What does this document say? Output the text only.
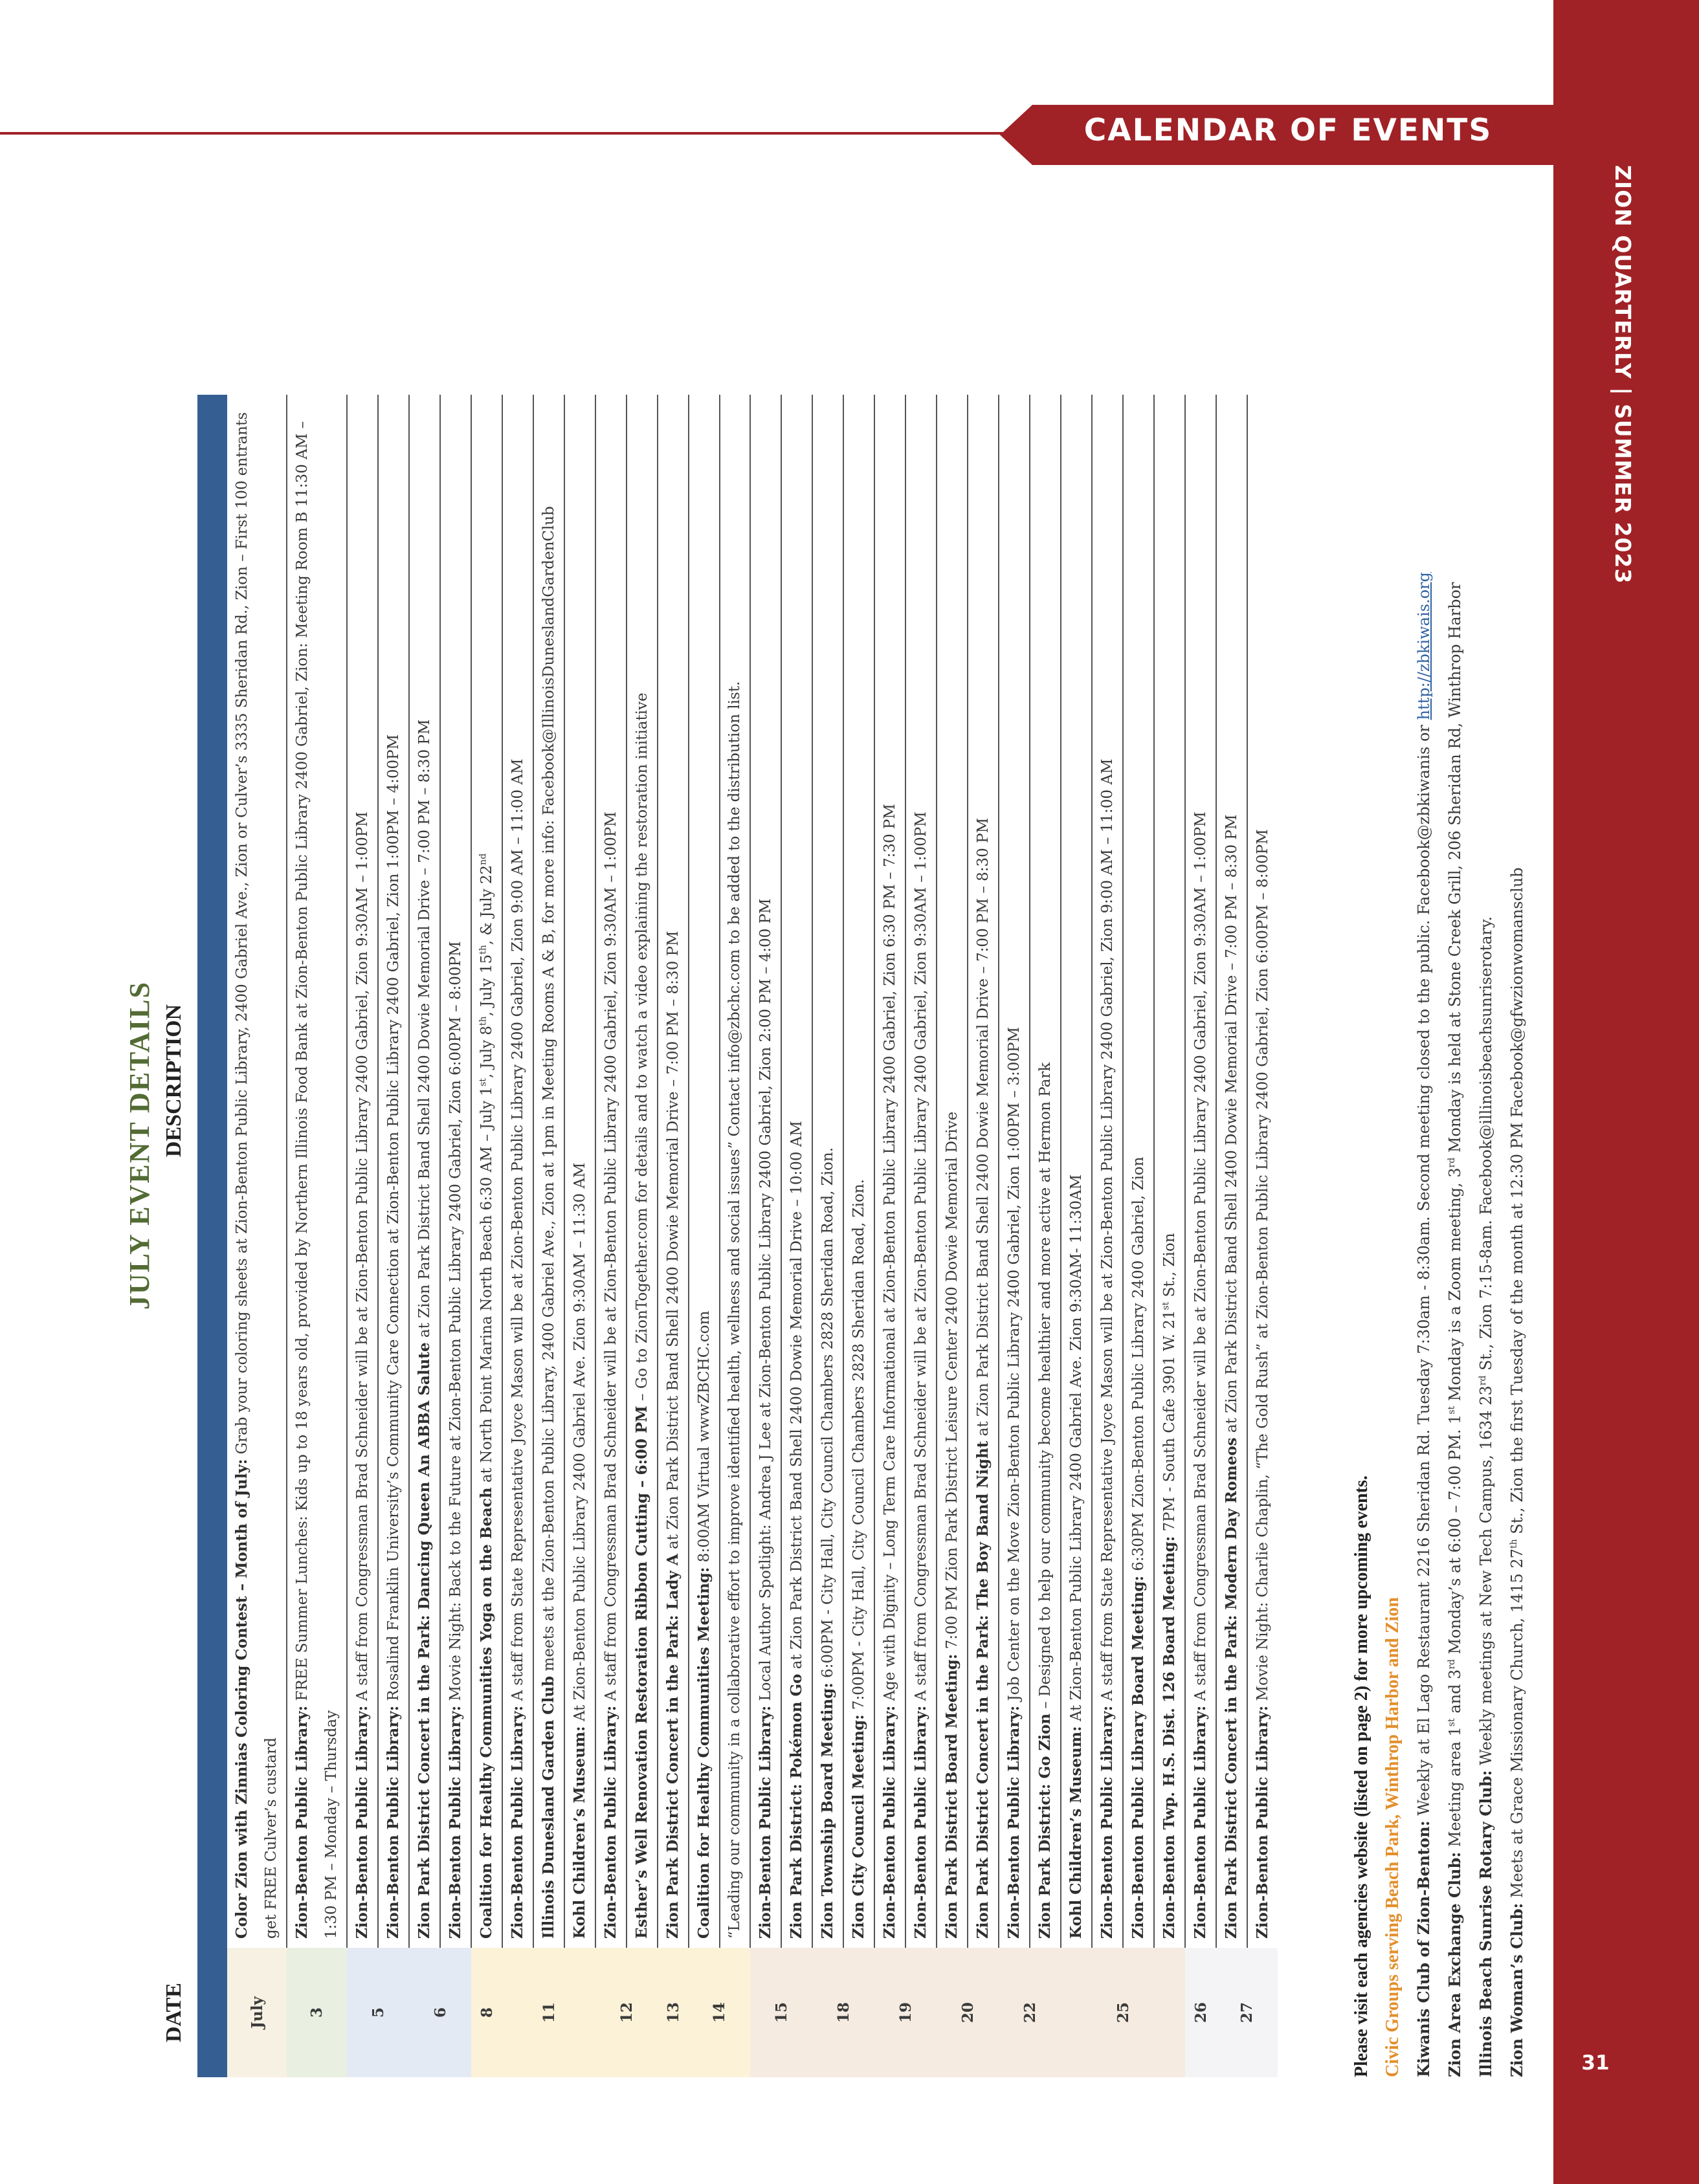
CALENDAR OF EVENTS
ZION QUARTERLY | SUMMER 2023
31
JULY EVENT DETAILS
DATE
DESCRIPTION
July	Color Zion with Zinnias Coloring Contest – Month of July: Grab your coloring sheets at Zion-Benton Public Library, 2400 Gabriel Ave., Zion or Culver’s 3335 Sheridan Rd., Zion – First 100 entrants get FREE Culver’s custard
3	Zion-Benton Public Library: FREE Summer Lunches: Kids up to 18 years old, provided by Northern Illinois Food Bank at Zion-Benton Public Library 2400 Gabriel, Zion: Meeting Room B 11:30 AM – 1:30 PM – Monday – Thursday
5	Zion-Benton Public Library: A staff from Congressman Brad Schneider will be at Zion-Benton Public Library 2400 Gabriel, Zion 9:30AM – 1:00PM
	Zion-Benton Public Library: Rosalind Franklin University’s Community Care Connection at Zion-Benton Public Library 2400 Gabriel, Zion 1:00PM – 4:00PM
6	Zion Park District Concert in the Park: Dancing Queen An ABBA Salute at Zion Park District Band Shell 2400 Dowie Memorial Drive – 7:00 PM – 8:30 PM
	Zion-Benton Public Library: Movie Night: Back to the Future at Zion-Benton Public Library 2400 Gabriel, Zion 6:00PM – 8:00PM
8	Coalition for Healthy Communities Yoga on the Beach at North Point Marina North Beach 6:30 AM – July 1st, July 8th, July 15th, & July 22nd
11	Zion-Benton Public Library: A staff from State Representative Joyce Mason will be at Zion-Benton Public Library 2400 Gabriel, Zion 9:00 AM – 11:00 AM
	Illinois Dunesland Garden Club meets at the Zion-Benton Public Library, 2400 Gabriel Ave., Zion at 1pm in Meeting Rooms A & B, for more info: Facebook@IllinoisDuneslandGardenClub
	Kohl Children’s Museum: At Zion-Benton Public Library 2400 Gabriel Ave. Zion 9:30AM – 11:30 AM
12	Zion-Benton Public Library: A staff from Congressman Brad Schneider will be at Zion-Benton Public Library 2400 Gabriel, Zion 9:30AM – 1:00PM
	Esther’s Well Renovation Restoration Ribbon Cutting – 6:00 PM – Go to ZionTogether.com for details and to watch a video explaining the restoration initiative
13	Zion Park District Concert in the Park: Lady A at Zion Park District Band Shell 2400 Dowie Memorial Drive – 7:00 PM – 8:30 PM
14	Coalition for Healthy Communities Meeting: 8:00AM Virtual wwwZBCHC.com
	“Leading our community in a collaborative effort to improve identified health, wellness and social issues” Contact info@zbchc.com to be added to the distribution list.
15	Zion-Benton Public Library: Local Author Spotlight: Andrea J Lee at Zion-Benton Public Library 2400 Gabriel, Zion 2:00 PM – 4:00 PM
	Zion Park District: Pokémon Go at Zion Park District Band Shell 2400 Dowie Memorial Drive – 10:00 AM
18	Zion Township Board Meeting: 6:00PM - City Hall, City Council Chambers 2828 Sheridan Road, Zion.
	Zion City Council Meeting: 7:00PM - City Hall, City Council Chambers 2828 Sheridan Road, Zion.
19	Zion-Benton Public Library: Age with Dignity – Long Term Care Informational at Zion-Benton Public Library 2400 Gabriel, Zion 6:30 PM – 7:30 PM
	Zion-Benton Public Library: A staff from Congressman Brad Schneider will be at Zion-Benton Public Library 2400 Gabriel, Zion 9:30AM – 1:00PM
20	Zion Park District Board Meeting: 7:00 PM Zion Park District Leisure Center 2400 Dowie Memorial Drive
	Zion Park District Concert in the Park: The Boy Band Night at Zion Park District Band Shell 2400 Dowie Memorial Drive – 7:00 PM – 8:30 PM
22	Zion-Benton Public Library: Job Center on the Move Zion-Benton Public Library 2400 Gabriel, Zion 1:00PM – 3:00PM
	Zion Park District: Go Zion – Designed to help our community become healthier and more active at Hermon Park
25	Kohl Children’s Museum: At Zion-Benton Public Library 2400 Gabriel Ave. Zion 9:30AM- 11:30AM
	Zion-Benton Public Library: A staff from State Representative Joyce Mason will be at Zion-Benton Public Library 2400 Gabriel, Zion 9:00 AM – 11:00 AM
	Zion-Benton Public Library Board Meeting: 6:30PM Zion-Benton Public Library 2400 Gabriel, Zion
	Zion-Benton Twp. H.S. Dist. 126 Board Meeting: 7PM - South Cafe 3901 W. 21st St., Zion
26	Zion-Benton Public Library: A staff from Congressman Brad Schneider will be at Zion-Benton Public Library 2400 Gabriel, Zion 9:30AM – 1:00PM
27	Zion Park District Concert in the Park: Modern Day Romeos at Zion Park District Band Shell 2400 Dowie Memorial Drive – 7:00 PM – 8:30 PM
	Zion-Benton Public Library: Movie Night: Charlie Chaplin, “The Gold Rush” at Zion-Benton Public Library 2400 Gabriel, Zion 6:00PM – 8:00PM
Please visit each agencies website (listed on page 2) for more upcoming events. Civic Groups serving Beach Park, Winthrop Harbor and Zion Kiwanis Club of Zion-Benton: Weekly at El Lago Restaurant 2216 Sheridan Rd. Tuesday 7:30am - 8:30am. Second meeting closed to the public. Facebook@zbkiwanis or http://zbkiwais.org
Zion Area Exchange Club: Meeting area 1st and 3rd Monday’s at 6:00 – 7:00 PM. 1st Monday is a Zoom meeting, 3rd Monday is held at Stone Creek Grill, 206 Sheridan Rd, Winthrop Harbor
Illinois Beach Sunrise Rotary Club: Weekly meetings at New Tech Campus, 1634 23rd St., Zion 7:15-8am. Facebook@illinoisbeachsunriserotary.
Zion Woman’s Club: Meets at Grace Missionary Church, 1415 27th St., Zion the first Tuesday of the month at 12:30 PM Facebook@gfwzionwomansclub
